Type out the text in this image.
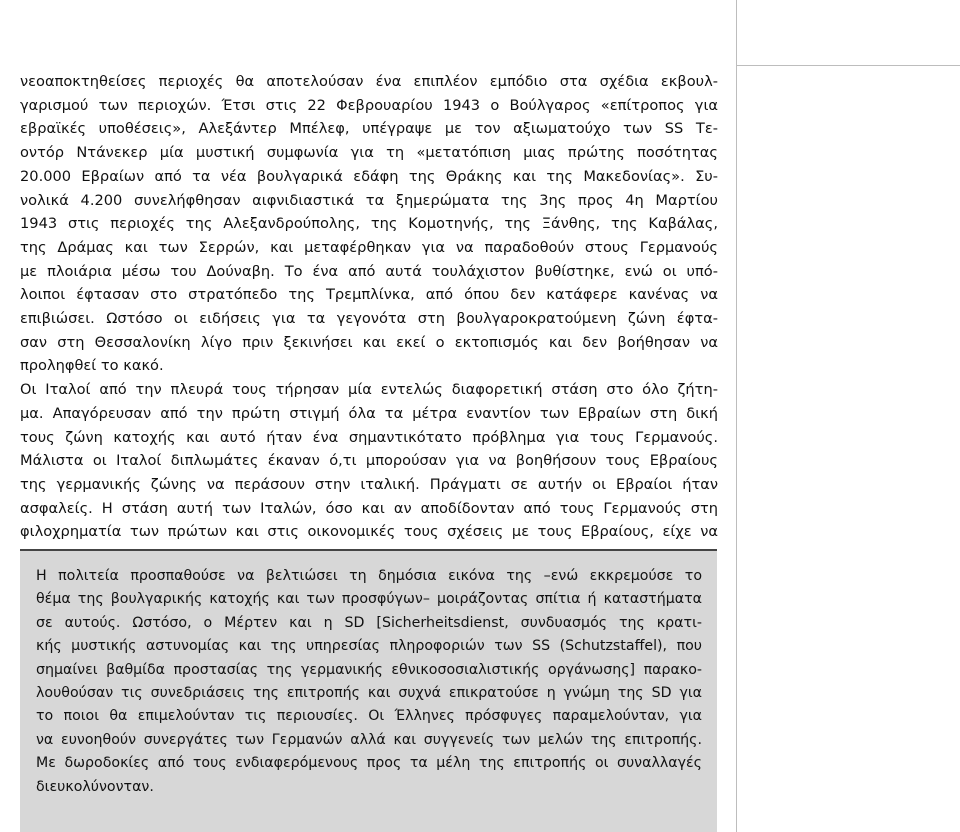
νεοαποκτηθείσες περιοχές θα αποτελούσαν ένα επιπλέον εμπόδιο στα σχέδια εκβουλ-
γαρισμού των περιοχών. Έτσι στις 22 Φεβρουαρίου 1943 ο Βούλγαρος «επίτροπος για
εβραϊκές υποθέσεις», Αλεξάντερ Μπέλεφ, υπέγραψε με τον αξιωματούχο των SS Τε-
οντόρ Ντάνεκερ μία μυστική συμφωνία για τη «μετατόπιση μιας πρώτης ποσότητας
20.000 Εβραίων από τα νέα βουλγαρικά εδάφη της Θράκης και της Μακεδονίας». Συ-
νολικά 4.200 συνελήφθησαν αιφνιδιαστικά τα ξημερώματα της 3ης προς 4η Μαρτίου
1943 στις περιοχές της Αλεξανδρούπολης, της Κομοτηνής, της Ξάνθης, της Καβάλας,
της Δράμας και των Σερρών, και μεταφέρθηκαν για να παραδοθούν στους Γερμανούς
με πλοιάρια μέσω του Δούναβη. Το ένα από αυτά τουλάχιστον βυθίστηκε, ενώ οι υπό-
λοιποι έφτασαν στο στρατόπεδο της Τρεμπλίνκα, από όπου δεν κατάφερε κανένας να
επιβιώσει. Ωστόσο οι ειδήσεις για τα γεγονότα στη βουλγαροκρατούμενη ζώνη έφτα-
σαν στη Θεσσαλονίκη λίγο πριν ξεκινήσει και εκεί ο εκτοπισμός και δεν βοήθησαν να
προληφθεί το κακό.
Οι Ιταλοί από την πλευρά τους τήρησαν μία εντελώς διαφορετική στάση στο όλο ζήτη-
μα. Απαγόρευσαν από την πρώτη στιγμή όλα τα μέτρα εναντίον των Εβραίων στη δική
τους ζώνη κατοχής και αυτό ήταν ένα σημαντικότατο πρόβλημα για τους Γερμανούς.
Μάλιστα οι Ιταλοί διπλωμάτες έκαναν ό,τι μπορούσαν για να βοηθήσουν τους Εβραίους
της γερμανικής ζώνης να περάσουν στην ιταλική. Πράγματι σε αυτήν οι Εβραίοι ήταν
ασφαλείς. Η στάση αυτή των Ιταλών, όσο και αν αποδίδονταν από τους Γερμανούς στη
φιλοχρηματία των πρώτων και στις οικονομικές τους σχέσεις με τους Εβραίους, είχε να
Η πολιτεία προσπαθούσε να βελτιώσει τη δημόσια εικόνα της –ενώ εκκρεμούσε το
θέμα της βουλγαρικής κατοχής και των προσφύγων– μοιράζοντας σπίτια ή καταστήματα
σε αυτούς. Ωστόσο, ο Μέρτεν και η SD [Sicherheitsdienst, συνδυασμός της κρατι-
κής μυστικής αστυνομίας και της υπηρεσίας πληροφοριών των SS (Schutzstaffel), που
σημαίνει βαθμίδα προστασίας της γερμανικής εθνικοσοσιαλιστικής οργάνωσης] παρακο-
λουθούσαν τις συνεδριάσεις της επιτροπής και συχνά επικρατούσε η γνώμη της SD για
το ποιοι θα επιμελούνταν τις περιουσίες. Οι Έλληνες πρόσφυγες παραμελούνταν, για
να ευνοηθούν συνεργάτες των Γερμανών αλλά και συγγενείς των μελών της επιτροπής.
Με δωροδοκίες από τους ενδιαφερόμενους προς τα μέλη της επιτροπής οι συναλλαγές
διευκολύνονταν.
